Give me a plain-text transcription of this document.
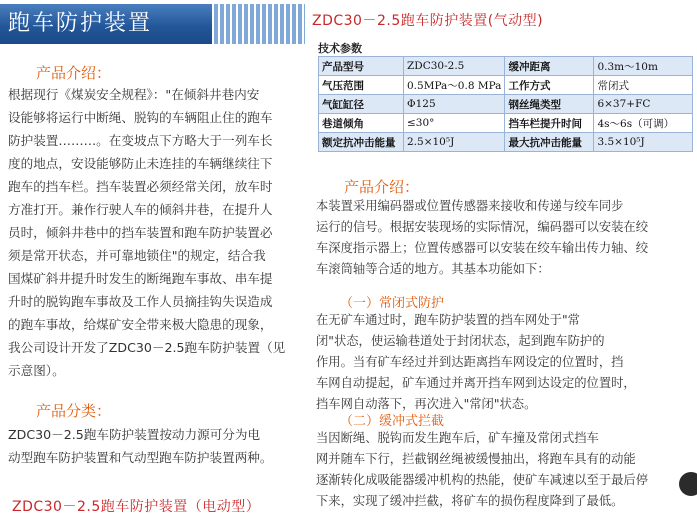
跑车防护装置
产品介绍：
根据现行《煤炭安全规程》："在倾斜井巷内安
设能够将运行中断绳、脱钩的车辆阻止住的跑车
防护装置………。在变坡点下方略大于一列车长
度的地点，安设能够防止未连挂的车辆继续往下
跑车的挡车栏。挡车装置必须经常关闭，放车时
方准打开。兼作行驶人车的倾斜井巷，在提升人
员时，倾斜井巷中的挡车装置和跑车防护装置必
须是常开状态，并可靠地锁住"的规定，结合我
国煤矿斜井提升时发生的断绳跑车事故、串车提
升时的脱钩跑车事故及工作人员摘挂钩失误造成
的跑车事故，给煤矿安全带来极大隐患的现象，
我公司设计开发了ZDC30－2.5跑车防护装置（见
示意图）。
产品分类：
ZDC30－2.5跑车防护装置按动力源可分为电
动型跑车防护装置和气动型跑车防护装置两种。
ZDC30－2.5跑车防护装置（电动型）
ZDC30－2.5跑车防护装置(气动型)
技术参数
产品型号	ZDC30-2.5	缓冲距离	0.3m～10m
气压范围	0.5MPa～0.8 MPa	工作方式	常闭式
气缸缸径	Φ125	钢丝绳类型	6×37+FC
巷道倾角	≤30°	挡车栏提升时间	4s～6s（可调）
额定抗冲击能量	2.5×10⁵J	最大抗冲击能量	3.5×10⁵J
产品介绍：
本装置采用编码器或位置传感器来接收和传递与绞车同步
运行的信号。根据安装现场的实际情况，编码器可以安装在绞
车深度指示器上；位置传感器可以安装在绞车输出传力轴、绞
车滚筒轴等合适的地方。其基本功能如下：
（一）常闭式防护
在无矿车通过时，跑车防护装置的挡车网处于"常
闭"状态，使运输巷道处于封闭状态，起到跑车防护的
作用。当有矿车经过并到达距离挡车网设定的位置时，挡
车网自动提起，矿车通过并离开挡车网到达设定的位置时，
挡车网自动落下，再次进入"常闭"状态。
（二）缓冲式拦截
当因断绳、脱钩而发生跑车后，矿车撞及常闭式挡车
网并随车下行，拦截钢丝绳被缓慢抽出，将跑车具有的动能
逐渐转化成吸能器缓冲机构的热能，使矿车减速以至于最后停
下来，实现了缓冲拦截，将矿车的损伤程度降到了最低。
